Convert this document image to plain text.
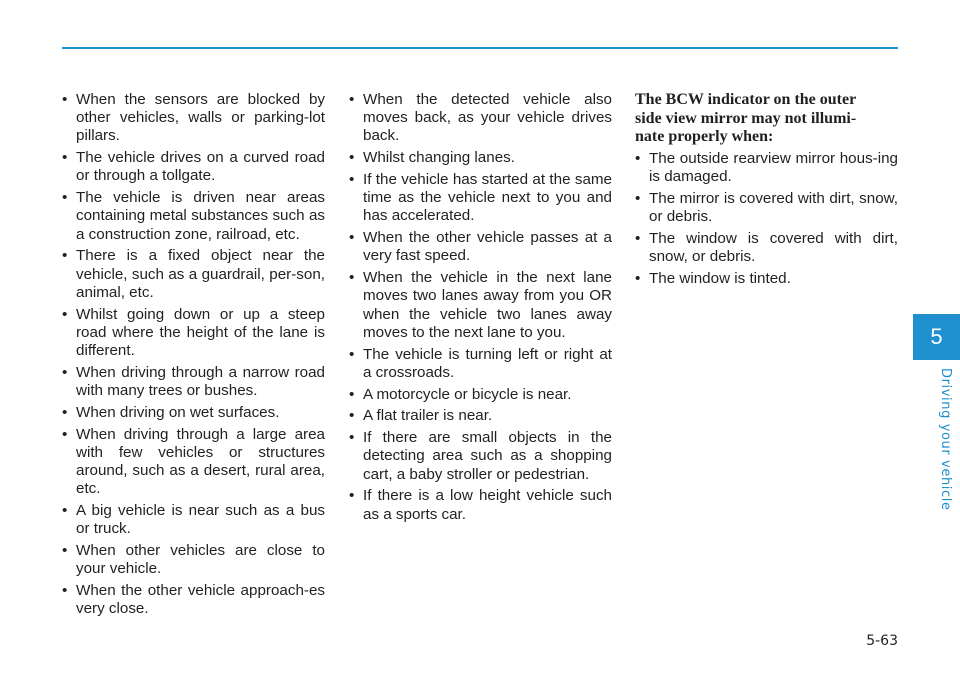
• When the sensors are blocked by other vehicles, walls or parking-lot pillars.
• The vehicle drives on a curved road or through a tollgate.
• The vehicle is driven near areas containing metal substances such as a construction zone, railroad, etc.
• There is a fixed object near the vehicle, such as a guardrail, per-son, animal, etc.
• Whilst going down or up a steep road where the height of the lane is different.
• When driving through a narrow road with many trees or bushes.
• When driving on wet surfaces.
• When driving through a large area with few vehicles or structures around, such as a desert, rural area, etc.
• A big vehicle is near such as a bus or truck.
• When other vehicles are close to your vehicle.
• When the other vehicle approach-es very close.
• When the detected vehicle also moves back, as your vehicle drives back.
• Whilst changing lanes.
• If the vehicle has started at the same time as the vehicle next to you and has accelerated.
• When the other vehicle passes at a very fast speed.
• When the vehicle in the next lane moves two lanes away from you OR when the vehicle two lanes away moves to the next lane to you.
• The vehicle is turning left or right at a crossroads.
• A motorcycle or bicycle is near.
• A flat trailer is near.
• If there are small objects in the detecting area such as a shopping cart, a baby stroller or pedestrian.
• If there is a low height vehicle such as a sports car.
The BCW indicator on the outer side view mirror may not illumi-nate properly when:
• The outside rearview mirror hous-ing is damaged.
• The mirror is covered with dirt, snow, or debris.
• The window is covered with dirt, snow, or debris.
• The window is tinted.
5
Driving your vehicle
5-63
